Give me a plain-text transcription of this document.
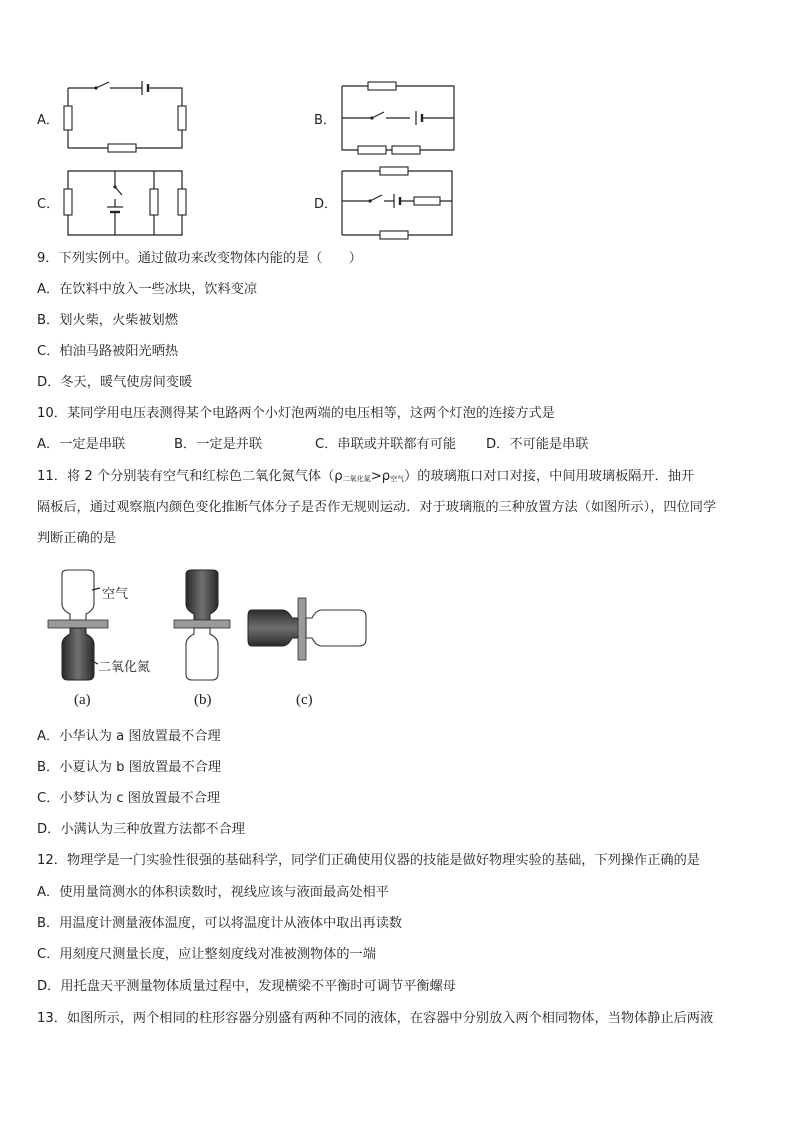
A．	B．
C．	D．
9．下列实例中。通过做功来改变物体内能的是（　　）
A．在饮料中放入一些冰块，饮料变凉
B．划火柴，火柴被划燃
C．柏油马路被阳光晒热
D．冬天，暖气使房间变暖
10．某同学用电压表测得某个电路两个小灯泡两端的电压相等，这两个灯泡的连接方式是
A．一定是串联	B．一定是并联	C．串联或并联都有可能 D．不可能是串联
11．将 2 个分别装有空气和红棕色二氧化氮气体（ρ二氧化氮>ρ空气）的玻璃瓶口对口对接，中间用玻璃板隔开．抽开
隔板后，通过观察瓶内颜色变化推断气体分子是否作无规则运动．对于玻璃瓶的三种放置方法（如图所示），四位同学
判断正确的是
空气
二氧化氮
(a)	(b)	(c)
A．小华认为 a 图放置最不合理
B．小夏认为 b 图放置最不合理
C．小梦认为 c 图放置最不合理
D．小满认为三种放置方法都不合理
12．物理学是一门实验性很强的基础科学，同学们正确使用仪器的技能是做好物理实验的基础，下列操作正确的是
A．使用量筒测水的体积读数时，视线应该与液面最高处相平
B．用温度计测量液体温度，可以将温度计从液体中取出再读数
C．用刻度尺测量长度，应让整刻度线对准被测物体的一端
D．用托盘天平测量物体质量过程中，发现横梁不平衡时可调节平衡螺母
13．如图所示，两个相同的柱形容器分别盛有两种不同的液体，在容器中分别放入两个相同物体，当物体静止后两液
